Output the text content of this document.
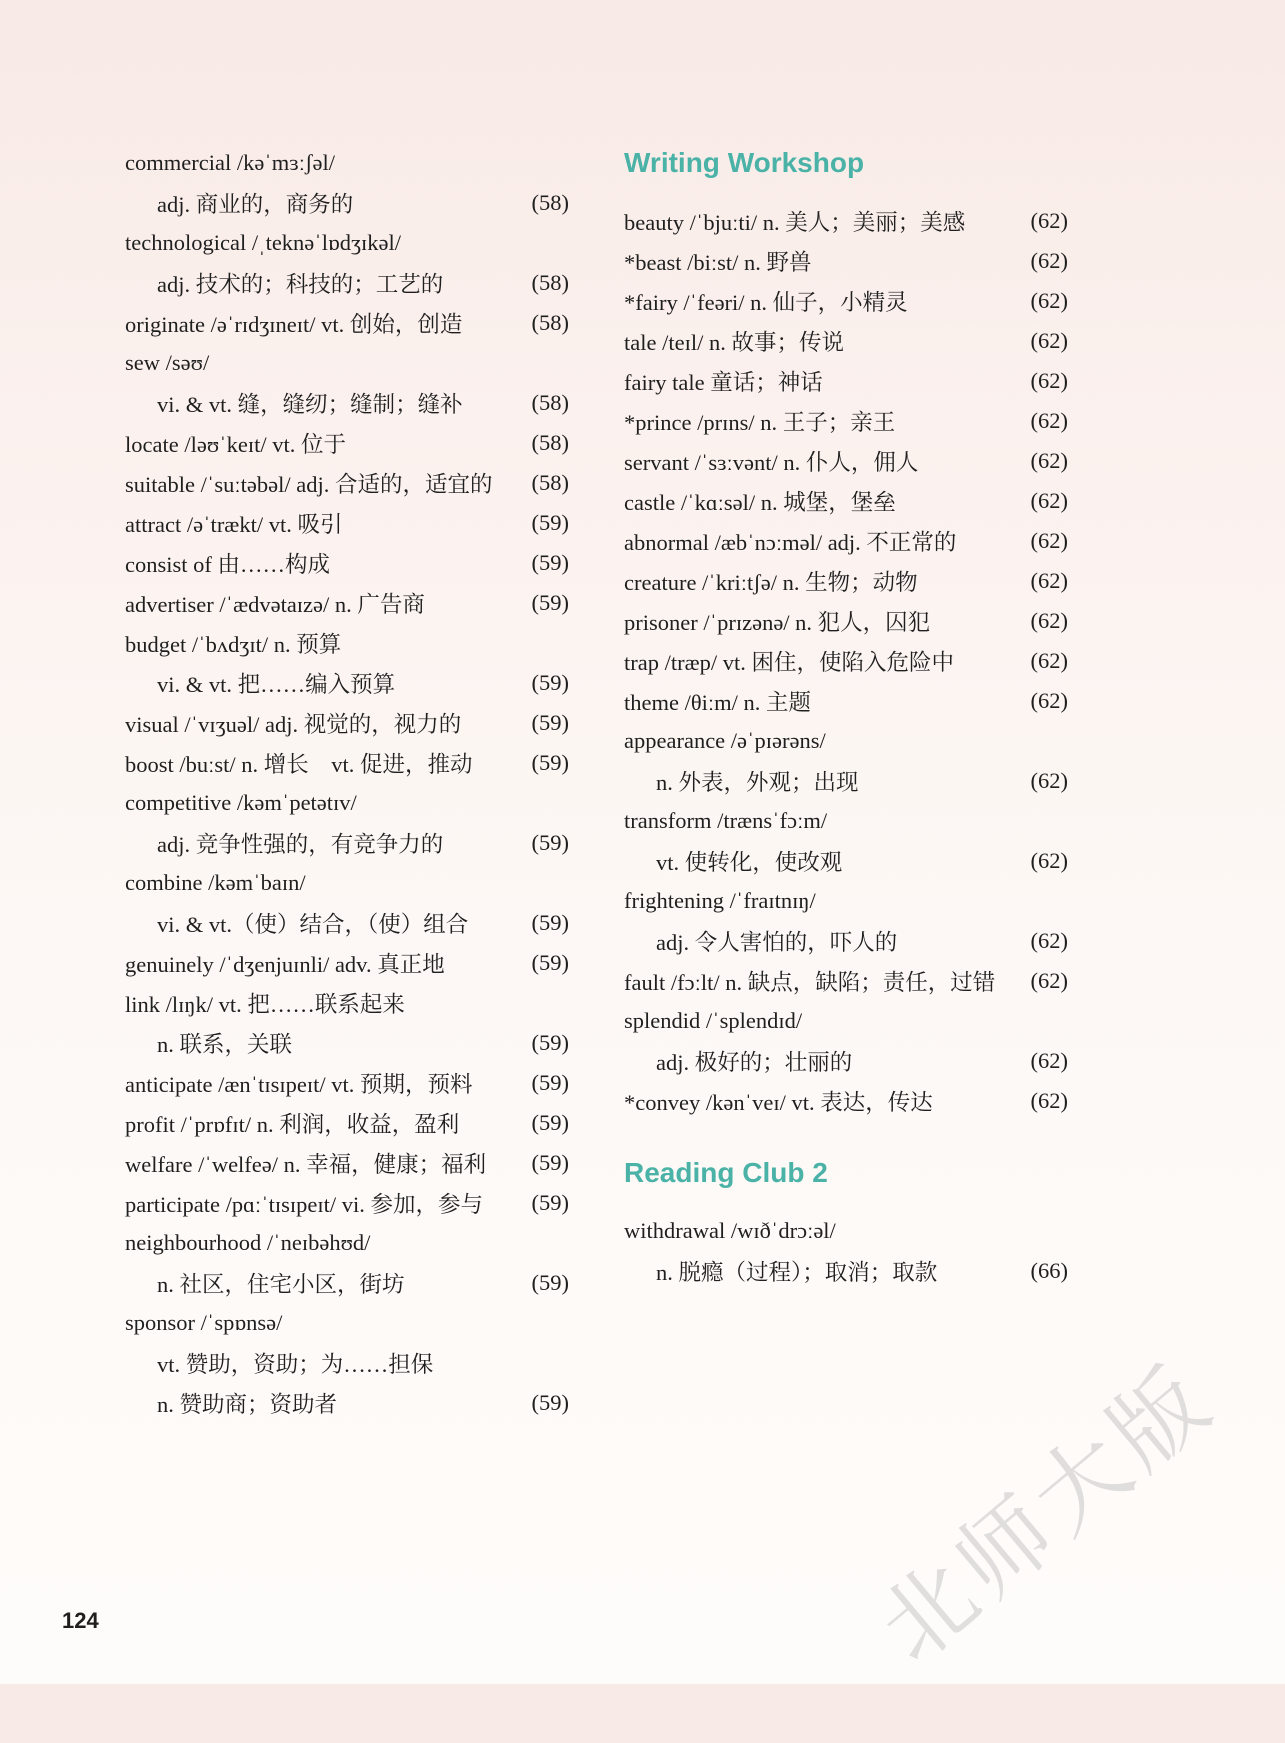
commercial /kəˈmɜːʃəl/
adj. 商业的，商务的	(58)
technological /ˌteknəˈlɒdʒɪkəl/
adj. 技术的；科技的；工艺的	(58)
originate /əˈrɪdʒɪneɪt/ vt. 创始，创造	(58)
sew /səʊ/
vi. & vt. 缝，缝纫；缝制；缝补	(58)
locate /ləʊˈkeɪt/ vt. 位于	(58)
suitable /ˈsuːtəbəl/ adj. 合适的，适宜的	(58)
attract /əˈtrækt/ vt. 吸引	(59)
consist of 由……构成	(59)
advertiser /ˈædvətaɪzə/ n. 广告商	(59)
budget /ˈbʌdʒɪt/ n. 预算
vi. & vt. 把……编入预算	(59)
visual /ˈvɪʒuəl/ adj. 视觉的，视力的	(59)
boost /buːst/ n. 增长　vt. 促进，推动	(59)
competitive /kəmˈpetətɪv/
adj. 竞争性强的，有竞争力的	(59)
combine /kəmˈbaɪn/
vi. & vt.（使）结合，（使）组合	(59)
genuinely /ˈdʒenjuɪnli/ adv. 真正地	(59)
link /lɪŋk/ vt. 把……联系起来
n. 联系，关联	(59)
anticipate /ænˈtɪsɪpeɪt/ vt. 预期，预料	(59)
profit /ˈprɒfɪt/ n. 利润，收益，盈利	(59)
welfare /ˈwelfeə/ n. 幸福，健康；福利	(59)
participate /pɑːˈtɪsɪpeɪt/ vi. 参加，参与	(59)
neighbourhood /ˈneɪbəhʊd/
n. 社区，住宅小区，街坊	(59)
sponsor /ˈspɒnsə/
vt. 赞助，资助；为……担保
n. 赞助商；资助者	(59)
Writing Workshop
beauty /ˈbjuːti/ n. 美人；美丽；美感	(62)
*beast /biːst/ n. 野兽	(62)
*fairy /ˈfeəri/ n. 仙子，小精灵	(62)
tale /teɪl/ n. 故事；传说	(62)
fairy tale 童话；神话	(62)
*prince /prɪns/ n. 王子；亲王	(62)
servant /ˈsɜːvənt/ n. 仆人，佣人	(62)
castle /ˈkɑːsəl/ n. 城堡，堡垒	(62)
abnormal /æbˈnɔːməl/ adj. 不正常的	(62)
creature /ˈkriːtʃə/ n. 生物；动物	(62)
prisoner /ˈprɪzənə/ n. 犯人，囚犯	(62)
trap /træp/ vt. 困住，使陷入危险中	(62)
theme /θiːm/ n. 主题	(62)
appearance /əˈpɪərəns/
n. 外表，外观；出现	(62)
transform /trænsˈfɔːm/
vt. 使转化，使改观	(62)
frightening /ˈfraɪtnɪŋ/
adj. 令人害怕的，吓人的	(62)
fault /fɔːlt/ n. 缺点，缺陷；责任，过错	(62)
splendid /ˈsplendɪd/
adj. 极好的；壮丽的	(62)
*convey /kənˈveɪ/ vt. 表达，传达	(62)
Reading Club 2
withdrawal /wɪðˈdrɔːəl/
n. 脱瘾（过程）；取消；取款	(66)
124	北师大版
